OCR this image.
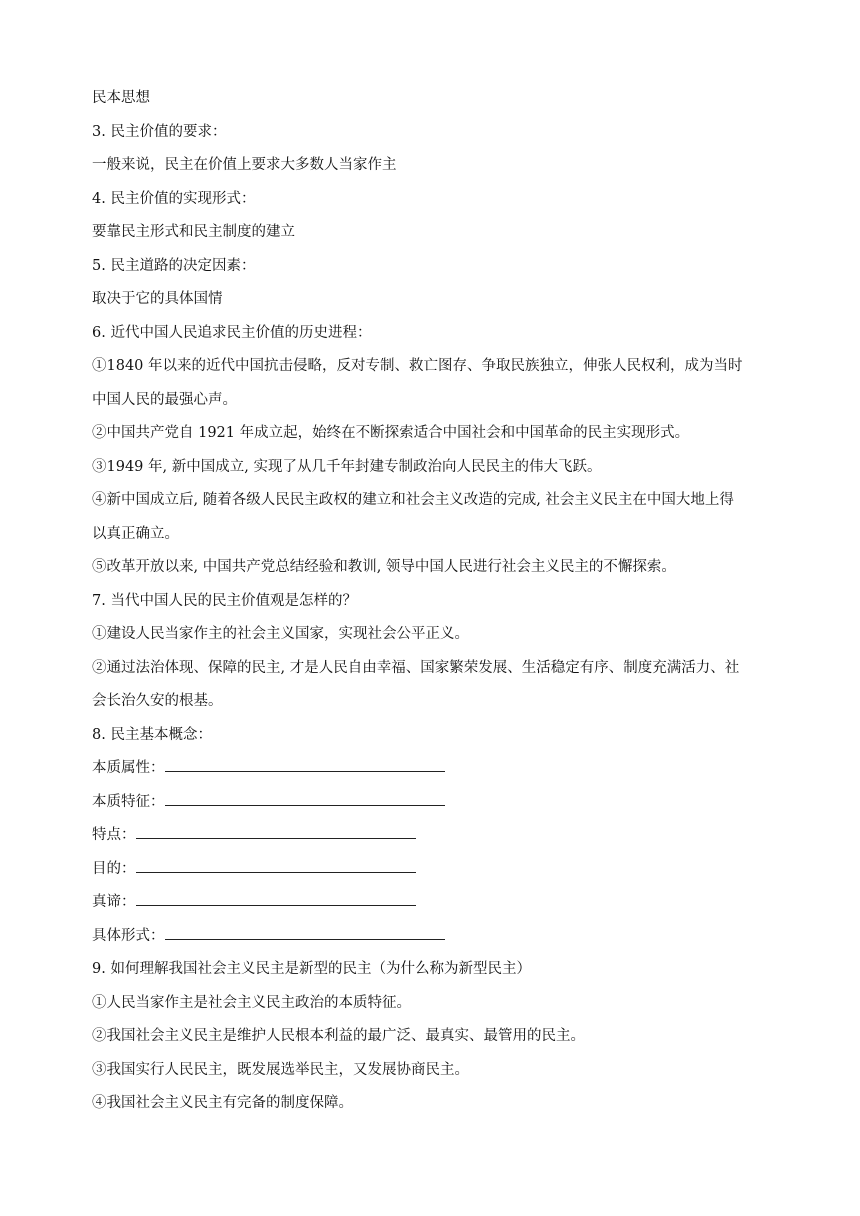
民本思想
3. 民主价值的要求：
一般来说，民主在价值上要求大多数人当家作主
4. 民主价值的实现形式：
要靠民主形式和民主制度的建立
5. 民主道路的决定因素：
取决于它的具体国情
6. 近代中国人民追求民主价值的历史进程：
①1840 年以来的近代中国抗击侵略，反对专制、救亡图存、争取民族独立，伸张人民权利，成为当时
中国人民的最强心声。
②中国共产党自 1921 年成立起，始终在不断探索适合中国社会和中国革命的民主实现形式。
③1949 年, 新中国成立, 实现了从几千年封建专制政治向人民民主的伟大飞跃。
④新中国成立后, 随着各级人民民主政权的建立和社会主义改造的完成, 社会主义民主在中国大地上得
以真正确立。
⑤改革开放以来, 中国共产党总结经验和教训, 领导中国人民进行社会主义民主的不懈探索。
7. 当代中国人民的民主价值观是怎样的？
①建设人民当家作主的社会主义国家，实现社会公平正义。
②通过法治体现、保障的民主, 才是人民自由幸福、国家繁荣发展、生活稳定有序、制度充满活力、社
会长治久安的根基。
8. 民主基本概念：
本质属性：
本质特征：
特点：
目的：
真谛：
具体形式：
9. 如何理解我国社会主义民主是新型的民主（为什么称为新型民主）
①人民当家作主是社会主义民主政治的本质特征。
②我国社会主义民主是维护人民根本利益的最广泛、最真实、最管用的民主。
③我国实行人民民主，既发展选举民主，又发展协商民主。
④我国社会主义民主有完备的制度保障。
